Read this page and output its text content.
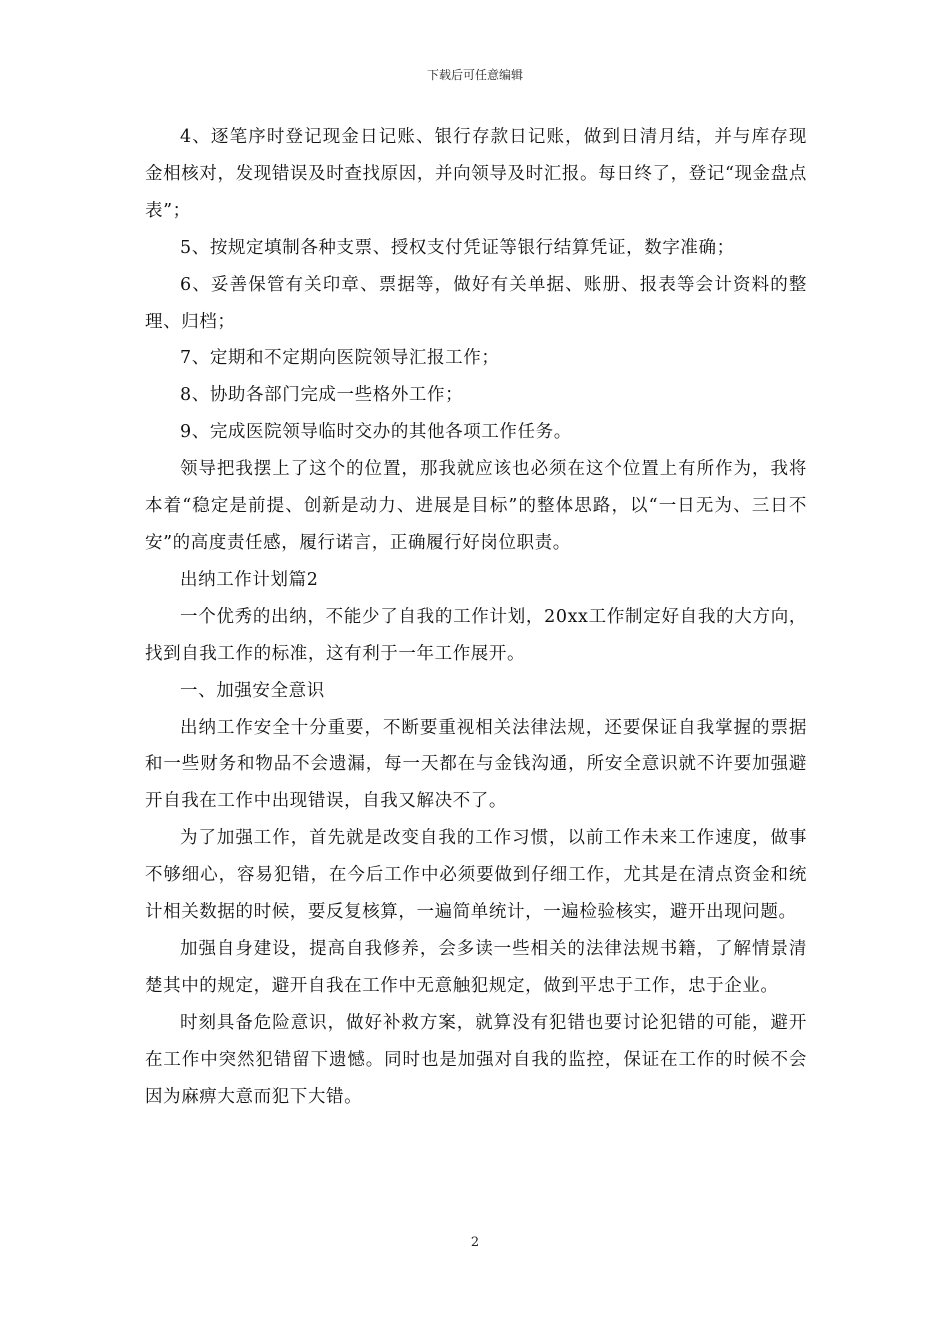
下载后可任意编辑

4、逐笔序时登记现金日记账、银行存款日记账，做到日清月结，并与库存现金相核对，发现错误及时查找原因，并向领导及时汇报。每日终了，登记“现金盘点表”；

5、按规定填制各种支票、授权支付凭证等银行结算凭证，数字准确；

6、妥善保管有关印章、票据等，做好有关单据、账册、报表等会计资料的整理、归档；

7、定期和不定期向医院领导汇报工作；

8、协助各部门完成一些格外工作；

9、完成医院领导临时交办的其他各项工作任务。

领导把我摆上了这个的位置，那我就应该也必须在这个位置上有所作为，我将本着“稳定是前提、创新是动力、进展是目标”的整体思路，以“一日无为、三日不安”的高度责任感，履行诺言，正确履行好岗位职责。

出纳工作计划篇2

一个优秀的出纳，不能少了自我的工作计划，20xx工作制定好自我的大方向，找到自我工作的标准，这有利于一年工作展开。

一、加强安全意识

出纳工作安全十分重要，不断要重视相关法律法规，还要保证自我掌握的票据和一些财务和物品不会遗漏，每一天都在与金钱沟通，所安全意识就不许要加强避开自我在工作中出现错误，自我又解决不了。

为了加强工作，首先就是改变自我的工作习惯，以前工作未来工作速度，做事不够细心，容易犯错，在今后工作中必须要做到仔细工作，尤其是在清点资金和统计相关数据的时候，要反复核算，一遍简单统计，一遍检验核实，避开出现问题。

加强自身建设，提高自我修养，会多读一些相关的法律法规书籍，了解情景清楚其中的规定，避开自我在工作中无意触犯规定，做到平忠于工作，忠于企业。

时刻具备危险意识，做好补救方案，就算没有犯错也要讨论犯错的可能，避开在工作中突然犯错留下遗憾。同时也是加强对自我的监控，保证在工作的时候不会因为麻痹大意而犯下大错。

2
